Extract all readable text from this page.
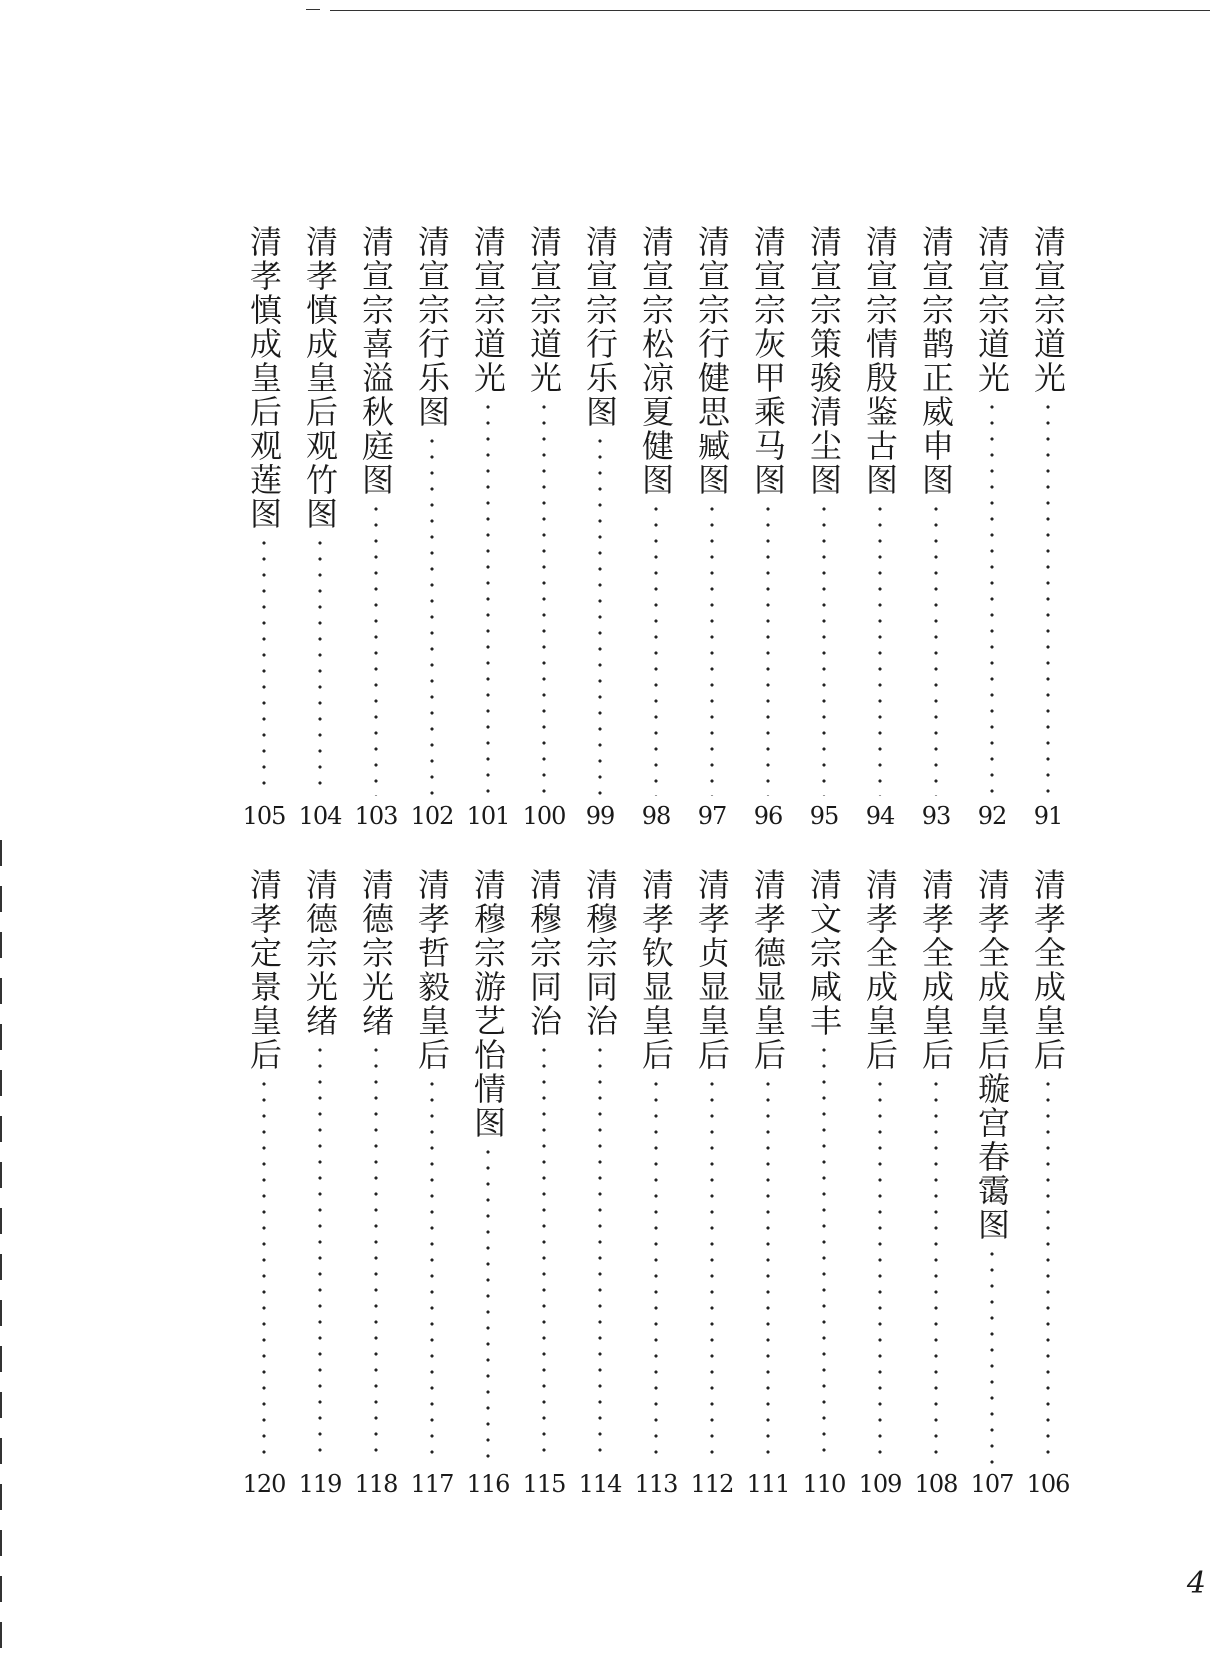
清宣宗道光
91
清宣宗道光
92
清宣宗鹊正威申图
93
清宣宗情殷鉴古图
94
清宣宗策骏清尘图
95
清宣宗灰甲乘马图
96
清宣宗行健思臧图
97
清宣宗松凉夏健图
98
清宣宗行乐图
99
清宣宗道光
100
清宣宗道光
101
清宣宗行乐图
102
清宣宗喜溢秋庭图
103
清孝慎成皇后观竹图
104
清孝慎成皇后观莲图
105
清孝全成皇后
106
清孝全成皇后璇宫春霭图
107
清孝全成皇后
108
清孝全成皇后
109
清文宗咸丰
110
清孝德显皇后
111
清孝贞显皇后
112
清孝钦显皇后
113
清穆宗同治
114
清穆宗同治
115
清穆宗游艺怡情图
116
清孝哲毅皇后
117
清德宗光绪
118
清德宗光绪
119
清孝定景皇后
120
4
